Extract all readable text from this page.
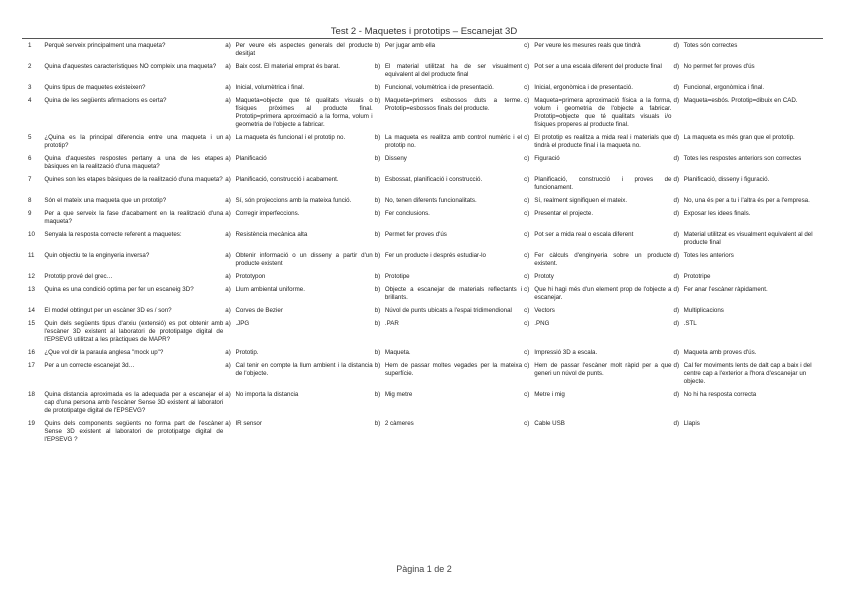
Test 2 - Maquetes i prototips – Escanejat 3D
1	Perquè serveix principalment una maqueta?	a)	Per veure els aspectes generals del producte desitjat	b)	Per jugar amb ella	c)	Per veure les mesures reals que tindrà	d)	Totes són correctes
2	Quina d'aquestes característiques NO compleix una maqueta?	a)	Baix cost. El material emprat és barat.	b)	El material utilitzat ha de ser visualment equivalent al del producte final	c)	Pot ser a una escala diferent del producte final	d)	No permet fer proves d'ús
3	Quins tipus de maquetes existeixen?	a)	Inicial, volumètrica i final.	b)	Funcional, volumètrica i de presentació.	c)	Inicial, ergonòmica i de presentació.	d)	Funcional, ergonòmica i final.
4	Quina de les següents afirmacions es certa?	a)	Maqueta=objecte que té qualitats visuals o físiques pròximes al producte final. Prototip=primera aproximació a la forma, volum i geometria de l'objecte a fabricar.	b)	Maqueta=primers esbossos duts a terme. Prototip=esbossos finals del producte.	c)	Maqueta=primera aproximació física a la forma, volum i geometria de l'objecte a fabricar. Prototip=objecte que té qualitats visuals i/o físiques properes al producte final.	d)	Maqueta=esbós. Prototip=dibuix en CAD.
5	¿Quina es la principal diferencia entre una maqueta i un prototip?	a)	La maqueta és funcional i el prototip no.	b)	La maqueta es realitza amb control numèric i el prototip no.	c)	El prototip es realitza a mida real i materials que tindrà el producte final i la maqueta no.	d)	La maqueta es més gran que el prototip.
6	Quina d'aquestes respostes pertany a una de les etapes bàsiques en la realització d'una maqueta?	a)	Planificació	b)	Disseny	c)	Figuració	d)	Totes les respostes anteriors son correctes
7	Quines son les etapes bàsiques de la realització d'una maqueta?	a)	Planificació, construcció i acabament.	b)	Esbossat, planificació i construcció.	c)	Planificació, construcció i proves de funcionament.	d)	Planificació, disseny i figuració.
8	Són el mateix una maqueta que un prototip?	a)	Sí, són projeccions amb la mateixa funció.	b)	No, tenen diferents funcionalitats.	c)	Sí, realment signifiquen el mateix.	d)	No, una és per a tu i l'altra és per a l'empresa.
9	Per a que serveix la fase d'acabament en la realització d'una maqueta?	a)	Corregir imperfeccions.	b)	Fer conclusions.	c)	Presentar el projecte.	d)	Exposar les idees finals.
10	Senyala la resposta correcte referent a maquetes:	a)	Resistència mecànica alta	b)	Permet fer proves d'ús	c)	Pot ser a mida real o escala diferent	d)	Material utilitzat es visualment equivalent al del producte final
11	Quin objectiu te la enginyeria inversa?	a)	Obtenir informació o un disseny a partir d'un producte existent	b)	Fer un producte i després estudiar-lo	c)	Fer càlculs d'enginyeria sobre un producte existent.	d)	Totes les anteriors
12	Prototip prové del grec…	a)	Prototypon	b)	Prototipe	c)	Prototy	d)	Prototripe
13	Quina es una condició optima per fer un escaneig 3D?	a)	Llum ambiental uniforme.	b)	Objecte a escanejar de materials reflectants i brillants.	c)	Que hi hagi més d'un element prop de l'objecte a escanejar.	d)	Fer anar l'escàner ràpidament.
14	El model obtingut per un escàner 3D es / son?	a)	Corves de Bezier	b)	Núvol de punts ubicats a l'espai tridimendional	c)	Vectors	d)	Multiplicacions
15	Quin dels següents tipus d'arxiu (extensió) es pot obtenir amb l'escàner 3D existent al laboratori de prototipatge digital de l'EPSEVG utilitzat a les pràctiques de MAPR?	a)	.JPG	b)	.PAR	c)	.PNG	d)	.STL
16	¿Que vol dir la paraula anglesa "mock up"?	a)	Prototip.	b)	Maqueta.	c)	Impressió 3D a escala.	d)	Maqueta amb proves d'ús.
17	Per a un correcte escanejat 3d…	a)	Cal tenir en compte la llum ambient i la distancia de l'objecte.	b)	Hem de passar moltes vegades per la mateixa superfície.	c)	Hem de passar l'escàner molt ràpid per a que generi un núvol de punts.	d)	Cal fer moviments lents de dalt cap a baix i del centre cap a l'exterior a l'hora d'escanejar un objecte.
18	Quina distancia aproximada es la adequada per a escanejar el cap d'una persona amb l'escàner Sense 3D existent al laboratori de prototipatge digital de l'EPSEVG?	a)	No importa la distancia	b)	Mig metre	c)	Metre i mig	d)	No hi ha resposta correcta
19	Quins dels components següents no forma part de l'escàner Sense 3D existent al laboratori de prototipatge digital de l'EPSEVG ?	a)	IR sensor	b)	2 càmeres	c)	Cable USB	d)	Llapis
Pàgina 1 de 2
